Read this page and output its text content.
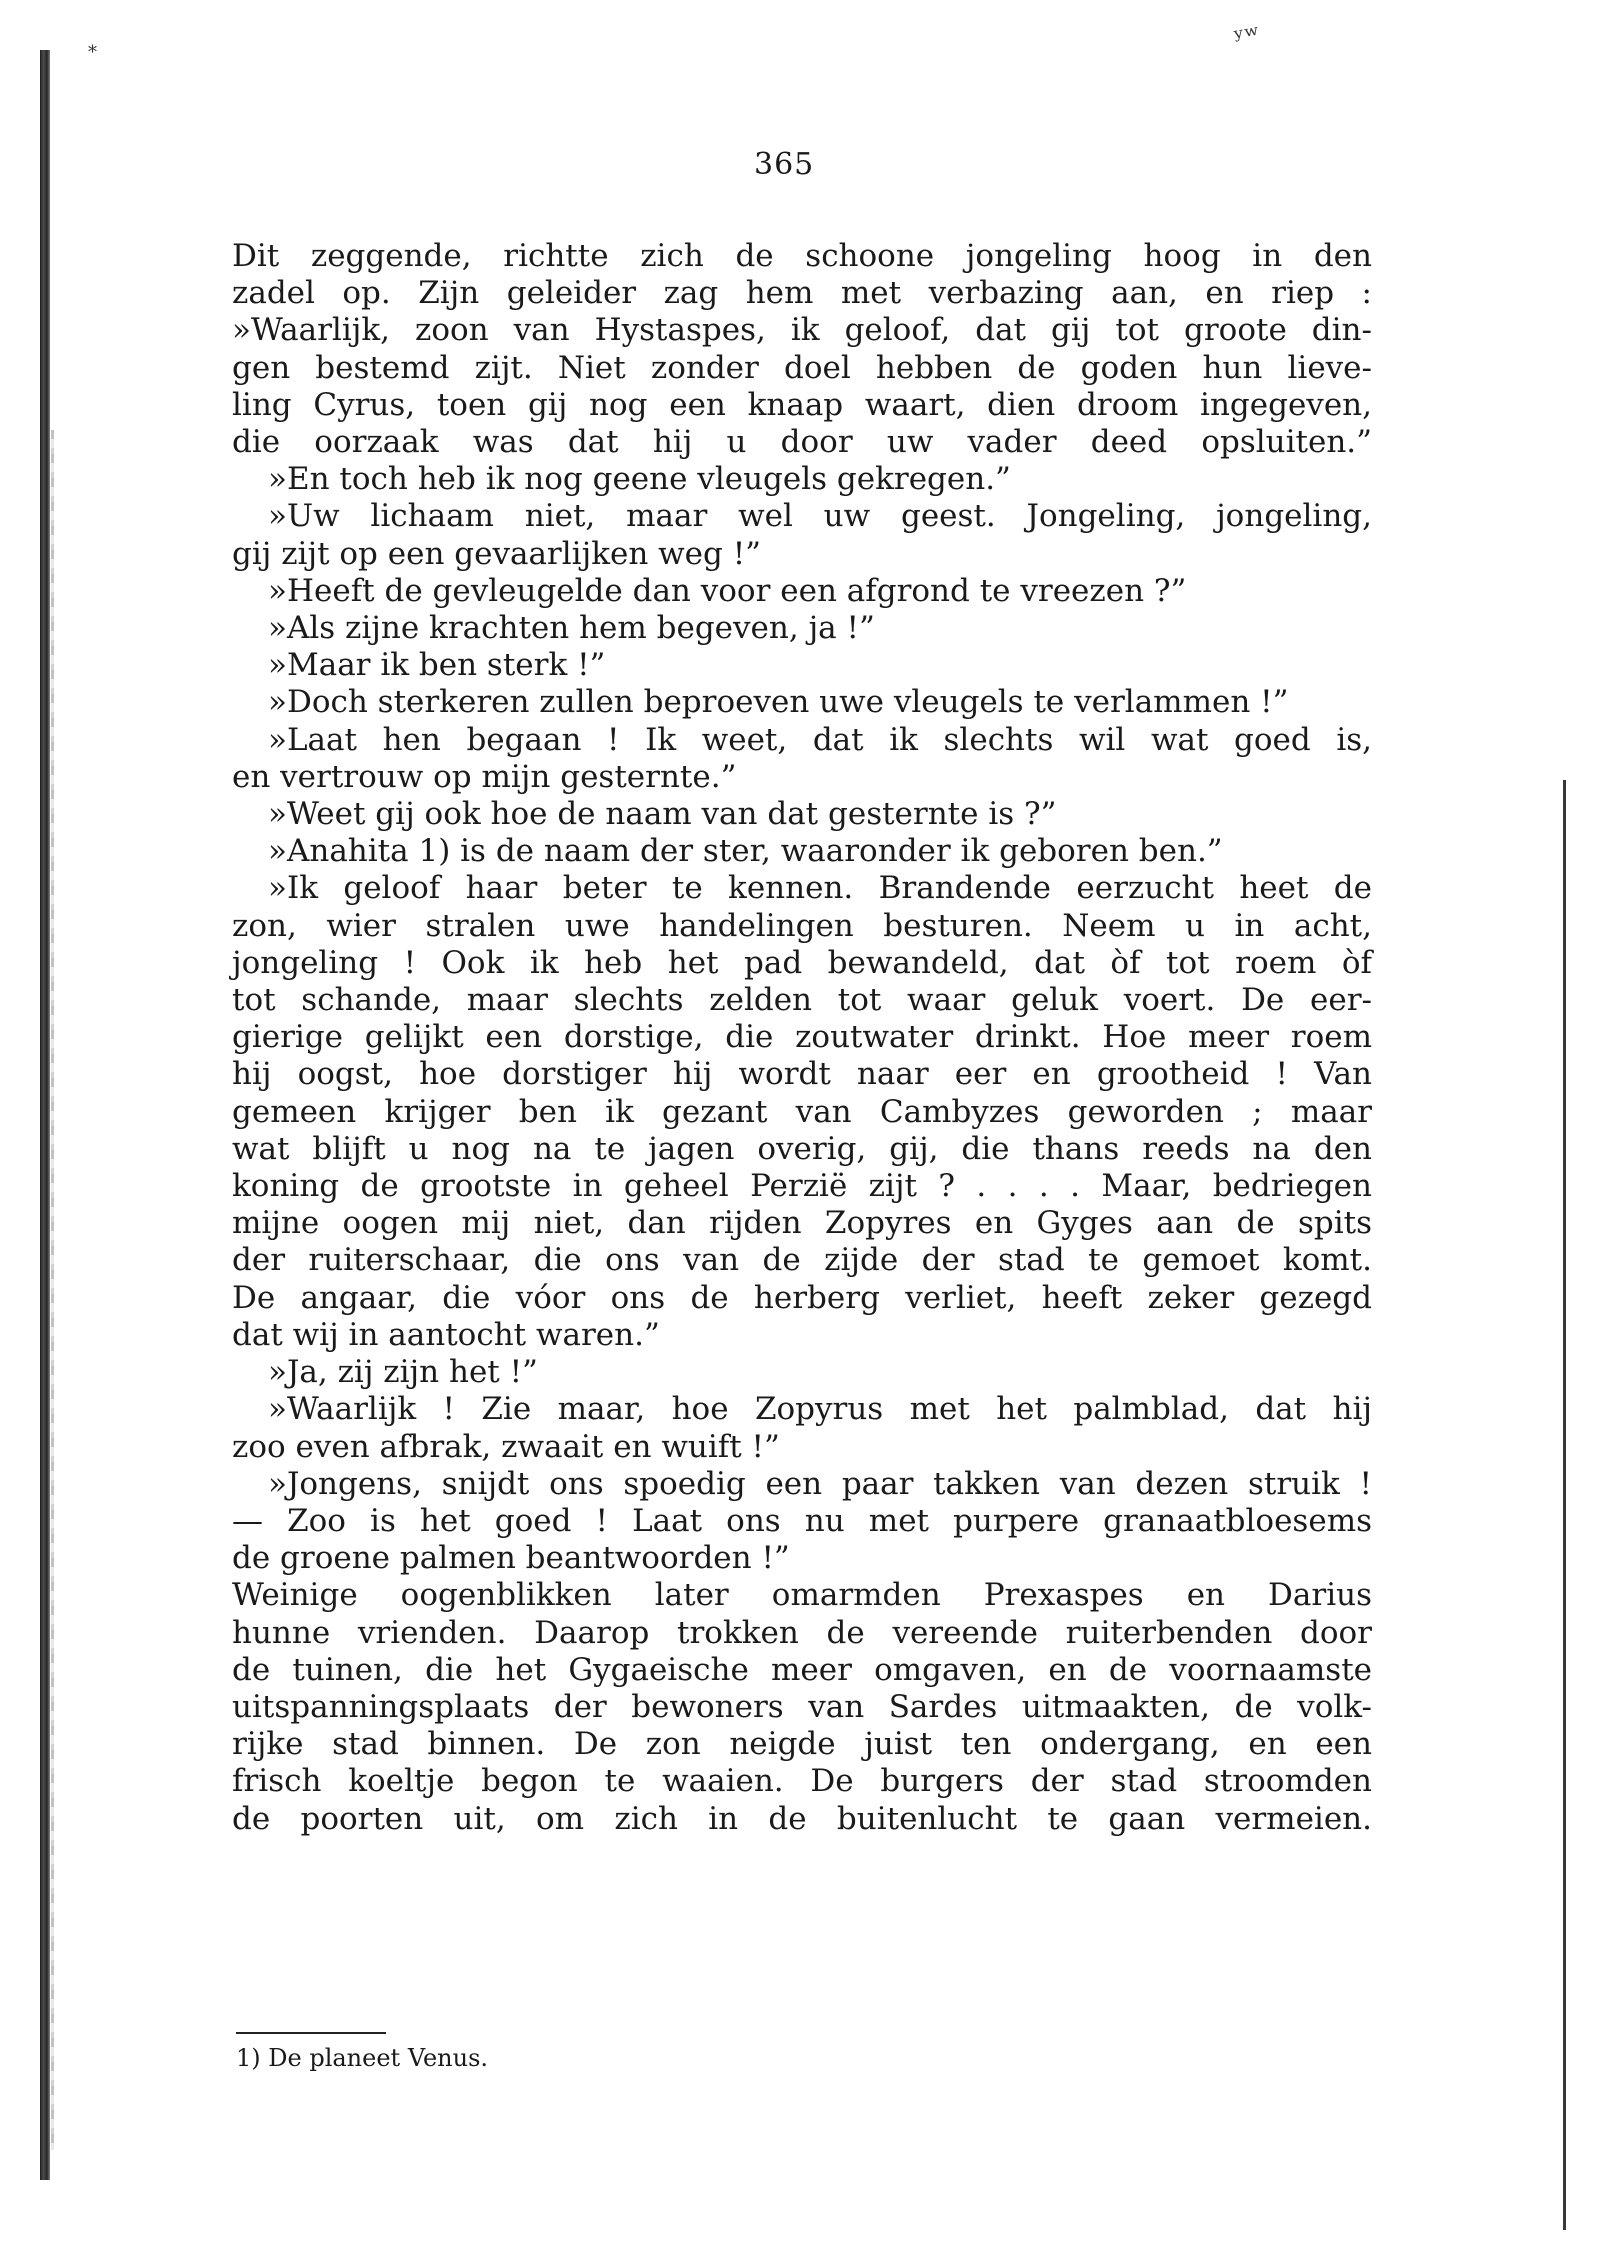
ʸʷ
*
365
Dit zeggende, richtte zich de schoone jongeling hoog in den
zadel op. Zijn geleider zag hem met verbazing aan, en riep :
»Waarlijk, zoon van Hystaspes, ik geloof, dat gij tot groote din-
gen bestemd zijt. Niet zonder doel hebben de goden hun lieve-
ling Cyrus, toen gij nog een knaap waart, dien droom ingegeven,
die oorzaak was dat hij u door uw vader deed opsluiten.”
»En toch heb ik nog geene vleugels gekregen.”
»Uw lichaam niet, maar wel uw geest. Jongeling, jongeling,
gij zijt op een gevaarlijken weg !”
»Heeft de gevleugelde dan voor een afgrond te vreezen ?”
»Als zijne krachten hem begeven, ja !”
»Maar ik ben sterk !”
»Doch sterkeren zullen beproeven uwe vleugels te verlammen !”
»Laat hen begaan ! Ik weet, dat ik slechts wil wat goed is,
en vertrouw op mijn gesternte.”
»Weet gij ook hoe de naam van dat gesternte is ?”
»Anahita 1) is de naam der ster, waaronder ik geboren ben.”
»Ik geloof haar beter te kennen. Brandende eerzucht heet de
zon, wier stralen uwe handelingen besturen. Neem u in acht,
jongeling ! Ook ik heb het pad bewandeld, dat òf tot roem òf
tot schande, maar slechts zelden tot waar geluk voert. De eer-
gierige gelijkt een dorstige, die zoutwater drinkt. Hoe meer roem
hij oogst, hoe dorstiger hij wordt naar eer en grootheid ! Van
gemeen krijger ben ik gezant van Cambyzes geworden ; maar
wat blijft u nog na te jagen overig, gij, die thans reeds na den
koning de grootste in geheel Perzië zijt ? . . . . Maar, bedriegen
mijne oogen mij niet, dan rijden Zopyres en Gyges aan de spits
der ruiterschaar, die ons van de zijde der stad te gemoet komt.
De angaar, die vóor ons de herberg verliet, heeft zeker gezegd
dat wij in aantocht waren.”
»Ja, zij zijn het !”
»Waarlijk ! Zie maar, hoe Zopyrus met het palmblad, dat hij
zoo even afbrak, zwaait en wuift !”
»Jongens, snijdt ons spoedig een paar takken van dezen struik !
— Zoo is het goed ! Laat ons nu met purpere granaatbloesems
de groene palmen beantwoorden !”
Weinige oogenblikken later omarmden Prexaspes en Darius
hunne vrienden. Daarop trokken de vereende ruiterbenden door
de tuinen, die het Gygaeische meer omgaven, en de voornaamste
uitspanningsplaats der bewoners van Sardes uitmaakten, de volk-
rijke stad binnen. De zon neigde juist ten ondergang, en een
frisch koeltje begon te waaien. De burgers der stad stroomden
de poorten uit, om zich in de buitenlucht te gaan vermeien.
1) De planeet Venus.
